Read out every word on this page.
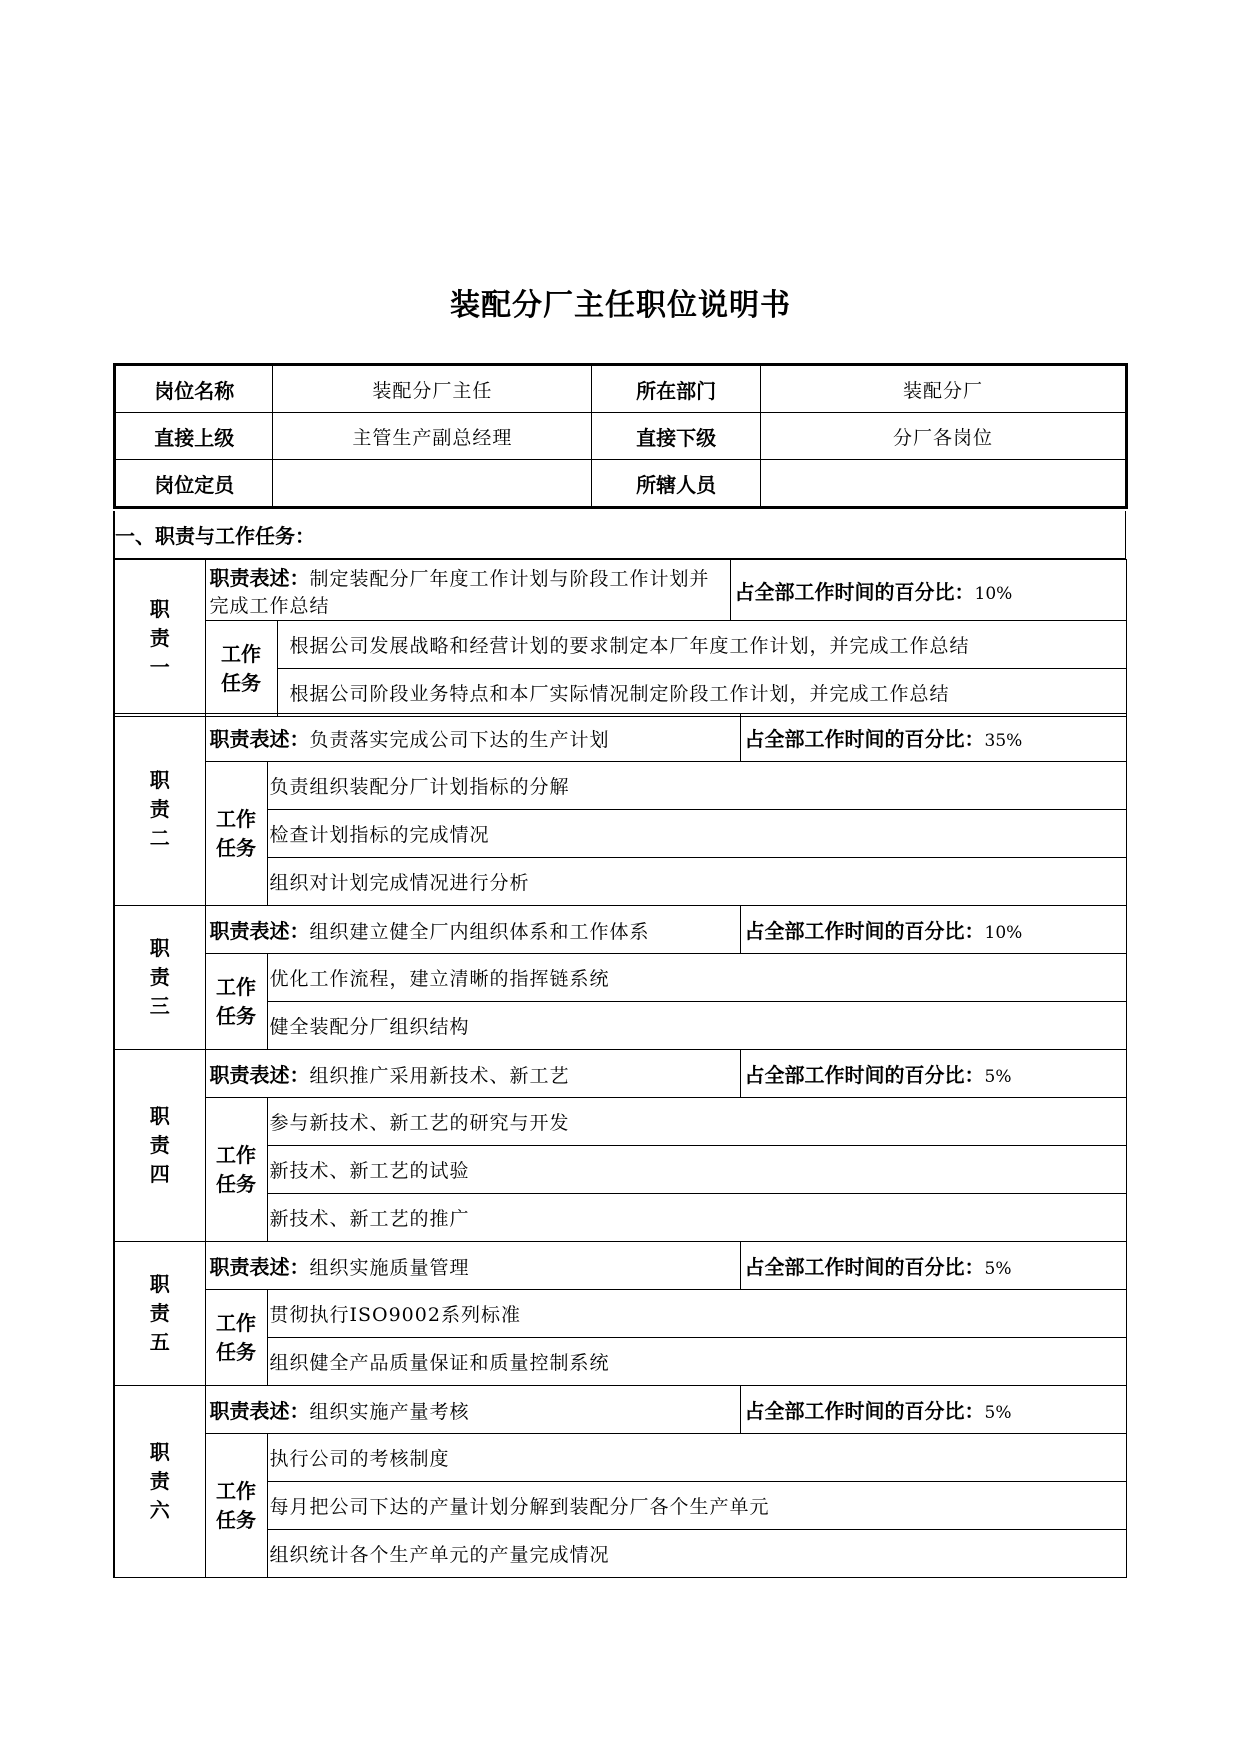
装配分厂主任职位说明书
岗位名称	装配分厂主任	所在部门	装配分厂
直接上级	主管生产副总经理	直接下级	分厂各岗位
岗位定员		所辖人员	
一、职责与工作任务：
职
责
一	职责表述：制定装配分厂年度工作计划与阶段工作计划并完成工作总结		占全部工作时间的百分比：10%
	工作
任务	根据公司发展战略和经营计划的要求制定本厂年度工作计划，并完成工作总结	
		根据公司阶段业务特点和本厂实际情况制定阶段工作计划，并完成工作总结	
职
责
二	职责表述：负责落实完成公司下达的生产计划		占全部工作时间的百分比：35%
	工作
任务	负责组织装配分厂计划指标的分解	
		检查计划指标的完成情况	
		组织对计划完成情况进行分析	
职
责
三	职责表述：组织建立健全厂内组织体系和工作体系		占全部工作时间的百分比：10%
	工作
任务	优化工作流程，建立清晰的指挥链系统	
		健全装配分厂组织结构	
职
责
四	职责表述：组织推广采用新技术、新工艺		占全部工作时间的百分比：5%
	工作
任务	参与新技术、新工艺的研究与开发	
		新技术、新工艺的试验	
		新技术、新工艺的推广	
职
责
五	职责表述：组织实施质量管理		占全部工作时间的百分比：5%
	工作
任务	贯彻执行ISO9002系列标准	
		组织健全产品质量保证和质量控制系统	
职
责
六	职责表述：组织实施产量考核		占全部工作时间的百分比：5%
	工作
任务	执行公司的考核制度	
		每月把公司下达的产量计划分解到装配分厂各个生产单元	
		组织统计各个生产单元的产量完成情况	
